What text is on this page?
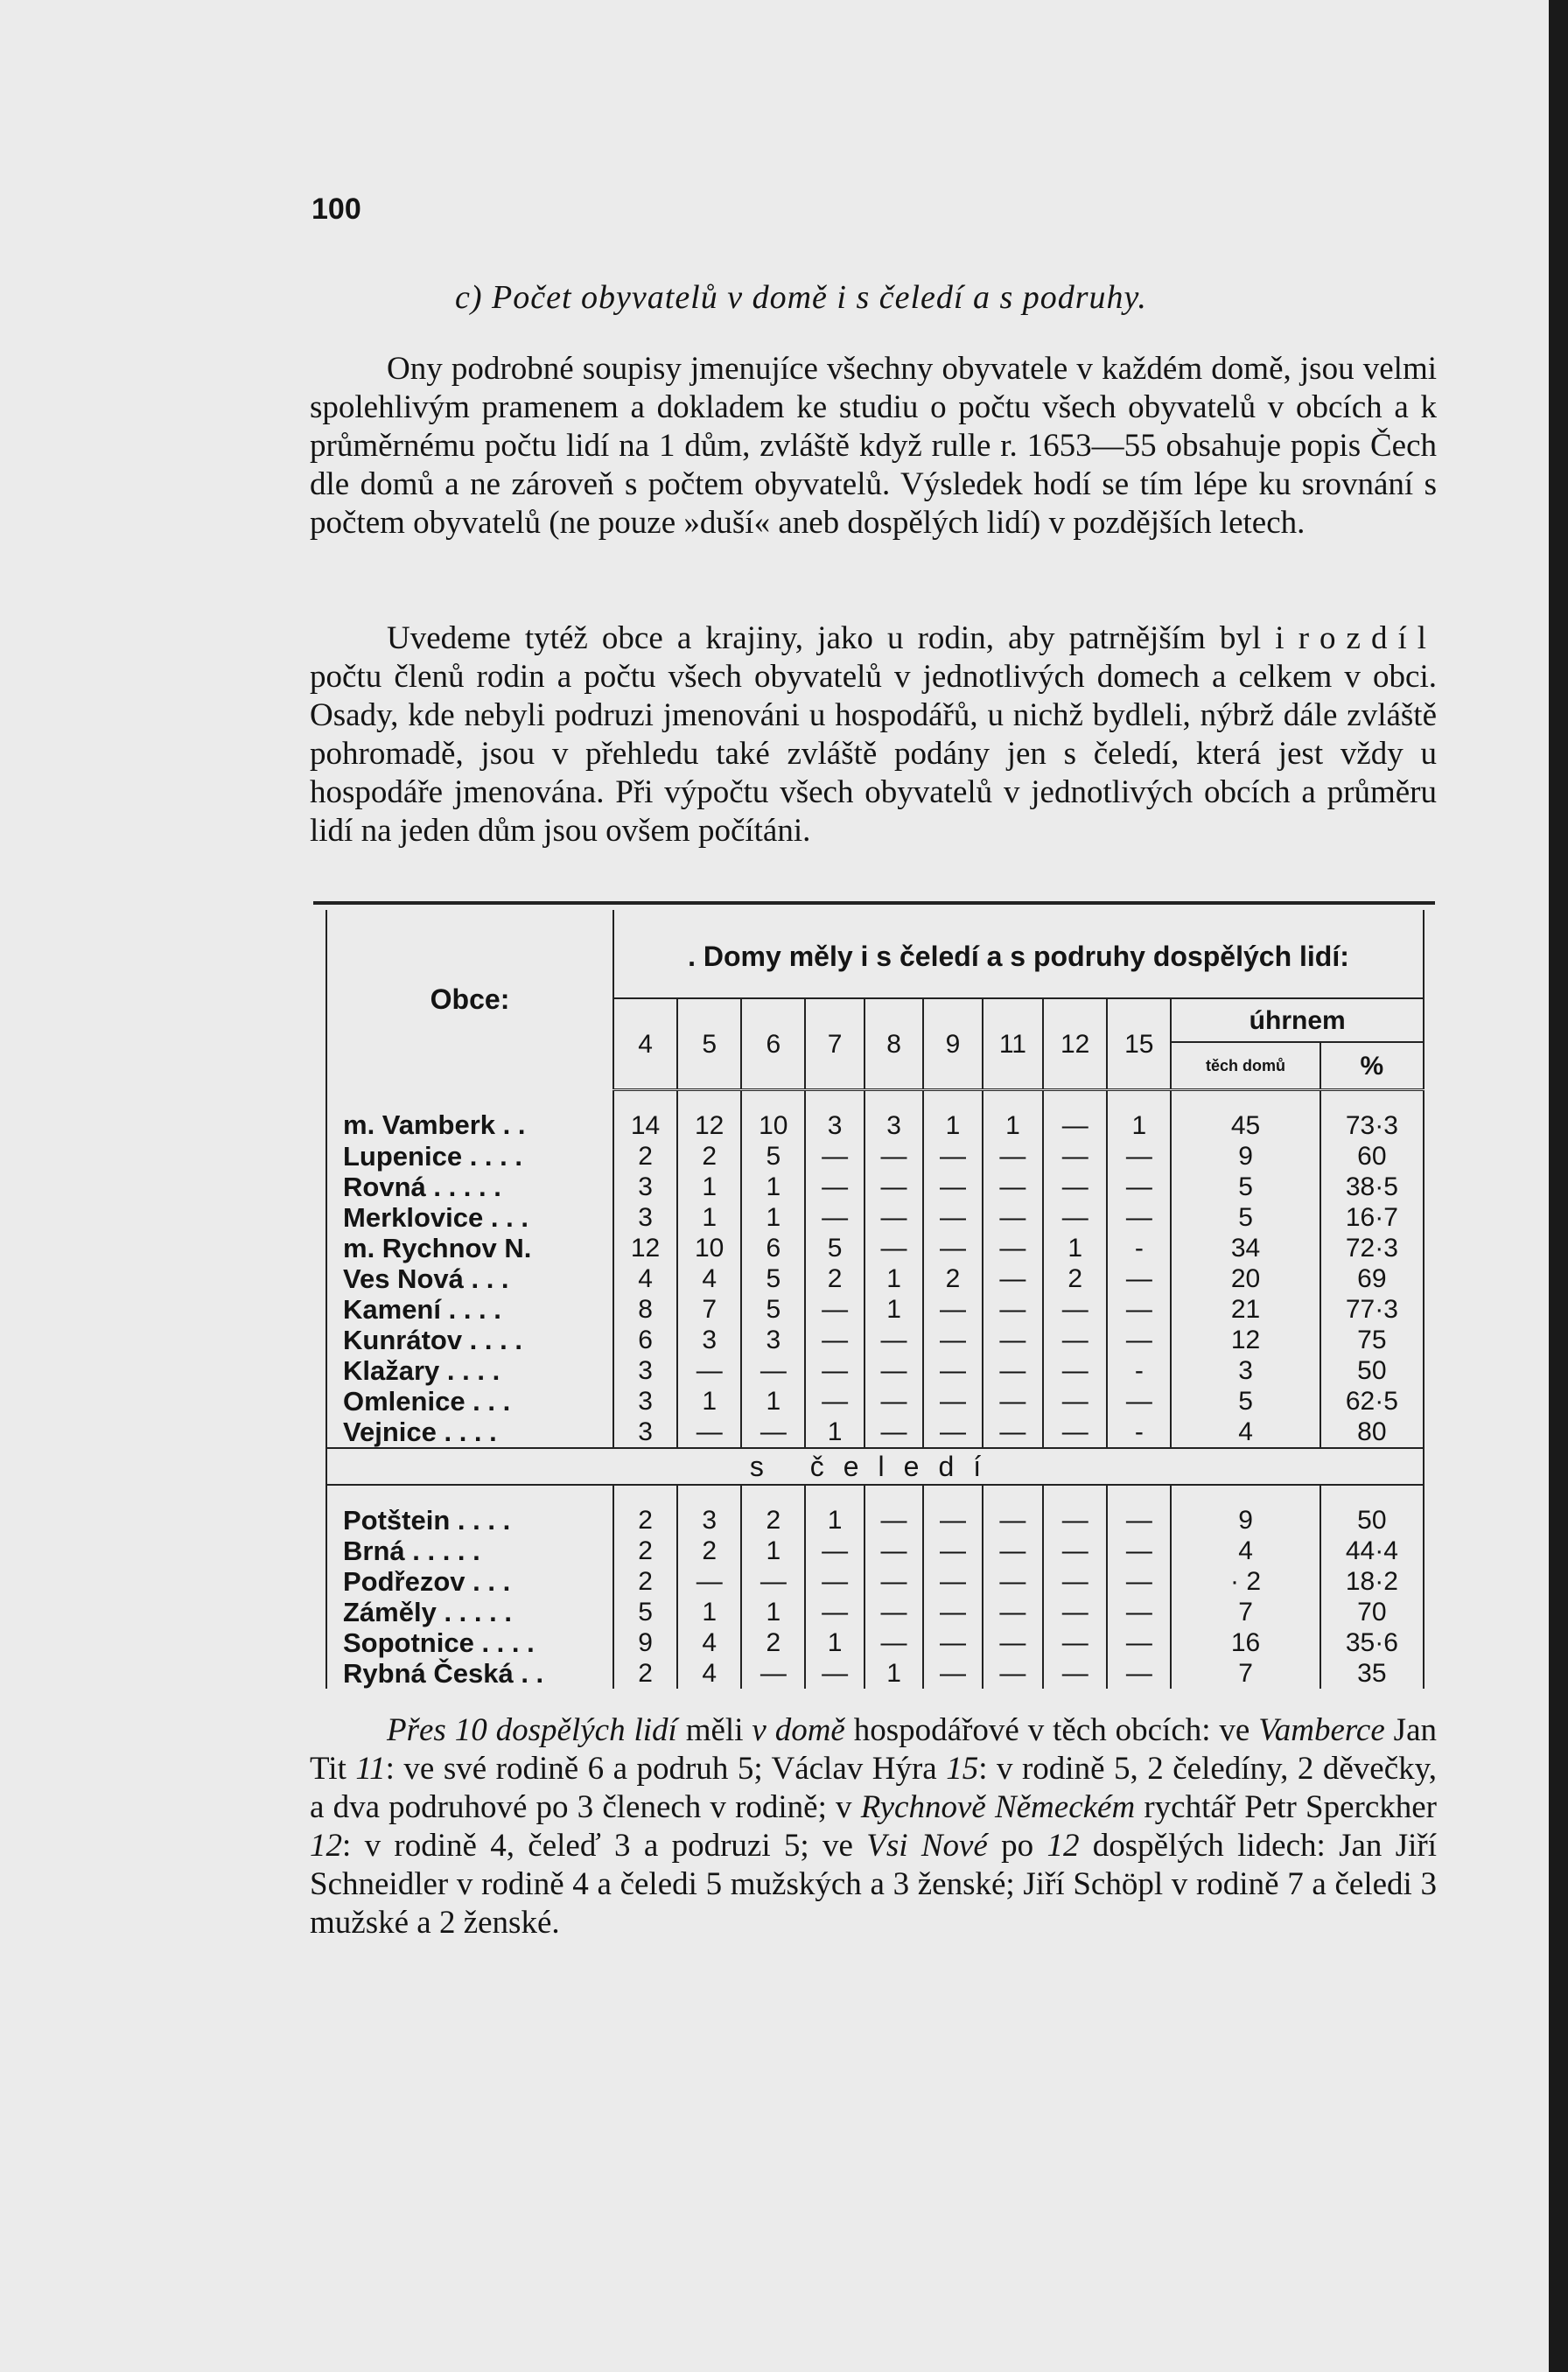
100
c) Počet obyvatelů v domě i s čeledí a s podruhy.

Ony podrobné soupisy jmenujíce všechny obyvatele v každém domě, jsou velmi spolehlivým pramenem a dokladem ke studiu o počtu všech obyvatelů v obcích a k průměrnému počtu lidí na 1 dům, zvláště když rulle r. 1653—55 obsahuje popis Čech dle domů a ne zároveň s počtem obyvatelů. Výsledek hodí se tím lépe ku srovnání s počtem obyvatelů (ne pouze »duší« aneb dospělých lidí) v pozdějších letech.

Uvedeme tytéž obce a krajiny, jako u rodin, aby patrnějším byl i rozdíl počtu členů rodin a počtu všech obyvatelů v jednotlivých domech a celkem v obci. Osady, kde nebyli podruzi jmenováni u hospodářů, u nichž bydleli, nýbrž dále zvláště pohromadě, jsou v přehledu také zvláště podány jen s čeledí, která jest vždy u hospodáře jmenována. Při výpočtu všech obyvatelů v jednotlivých obcích a průměru lidí na jeden dům jsou ovšem počítáni.

Obce:	. Domy měly i s čeledí a s podruhy dospělých lidí:										
	4	5	6	7	8	9	11	12	15	úhrnem	
										těch domů	%
m. Vamberk . .	14	12	10	3	3	1	1	—	1	45	73·3
Lupenice . . . .	2	2	5	—	—	—	—	—	—	9	60
Rovná . . . . .	3	1	1	—	—	—	—	—	—	5	38·5
Merklovice . . .	3	1	1	—	—	—	—	—	—	5	16·7
m. Rychnov N.	12	10	6	5	—	—	—	1	-	34	72·3
Ves Nová . . .	4	4	5	2	1	2	—	2	—	20	69
Kamení . . . .	8	7	5	—	1	—	—	—	—	21	77·3
Kunrátov . . . .	6	3	3	—	—	—	—	—	—	12	75
Klažary . . . .	3	—	—	—	—	—	—	—	-	3	50
Omlenice . . .	3	1	1	—	—	—	—	—	—	5	62·5
Vejnice . . . .	3	—	—	1	—	—	—	—	-	4	80
s čeledí											
Potštein . . . .	2	3	2	1	—	—	—	—	—	9	50
Brná . . . . .	2	2	1	—	—	—	—	—	—	4	44·4
Podřezov . . .	2	—	—	—	—	—	—	—	—	· 2	18·2
Záměly . . . . .	5	1	1	—	—	—	—	—	—	7	70
Sopotnice . . . .	9	4	2	1	—	—	—	—	—	16	35·6
Rybná Česká . .	2	4	—	—	1	—	—	—	—	7	35

Přes 10 dospělých lidí měli v domě hospodářové v těch obcích: ve Vamberce Jan Tit 11: ve své rodině 6 a podruh 5; Václav Hýra 15: v rodině 5, 2 čeledíny, 2 děvečky, a dva podruhové po 3 členech v rodině; v Rychnově Německém rychtář Petr Sperckher 12: v rodině 4, čeleď 3 a podruzi 5; ve Vsi Nové po 12 dospělých lidech: Jan Jiří Schneidler v rodině 4 a čeledi 5 mužských a 3 ženské; Jiří Schöpl v rodině 7 a čeledi 3 mužské a 2 ženské.
